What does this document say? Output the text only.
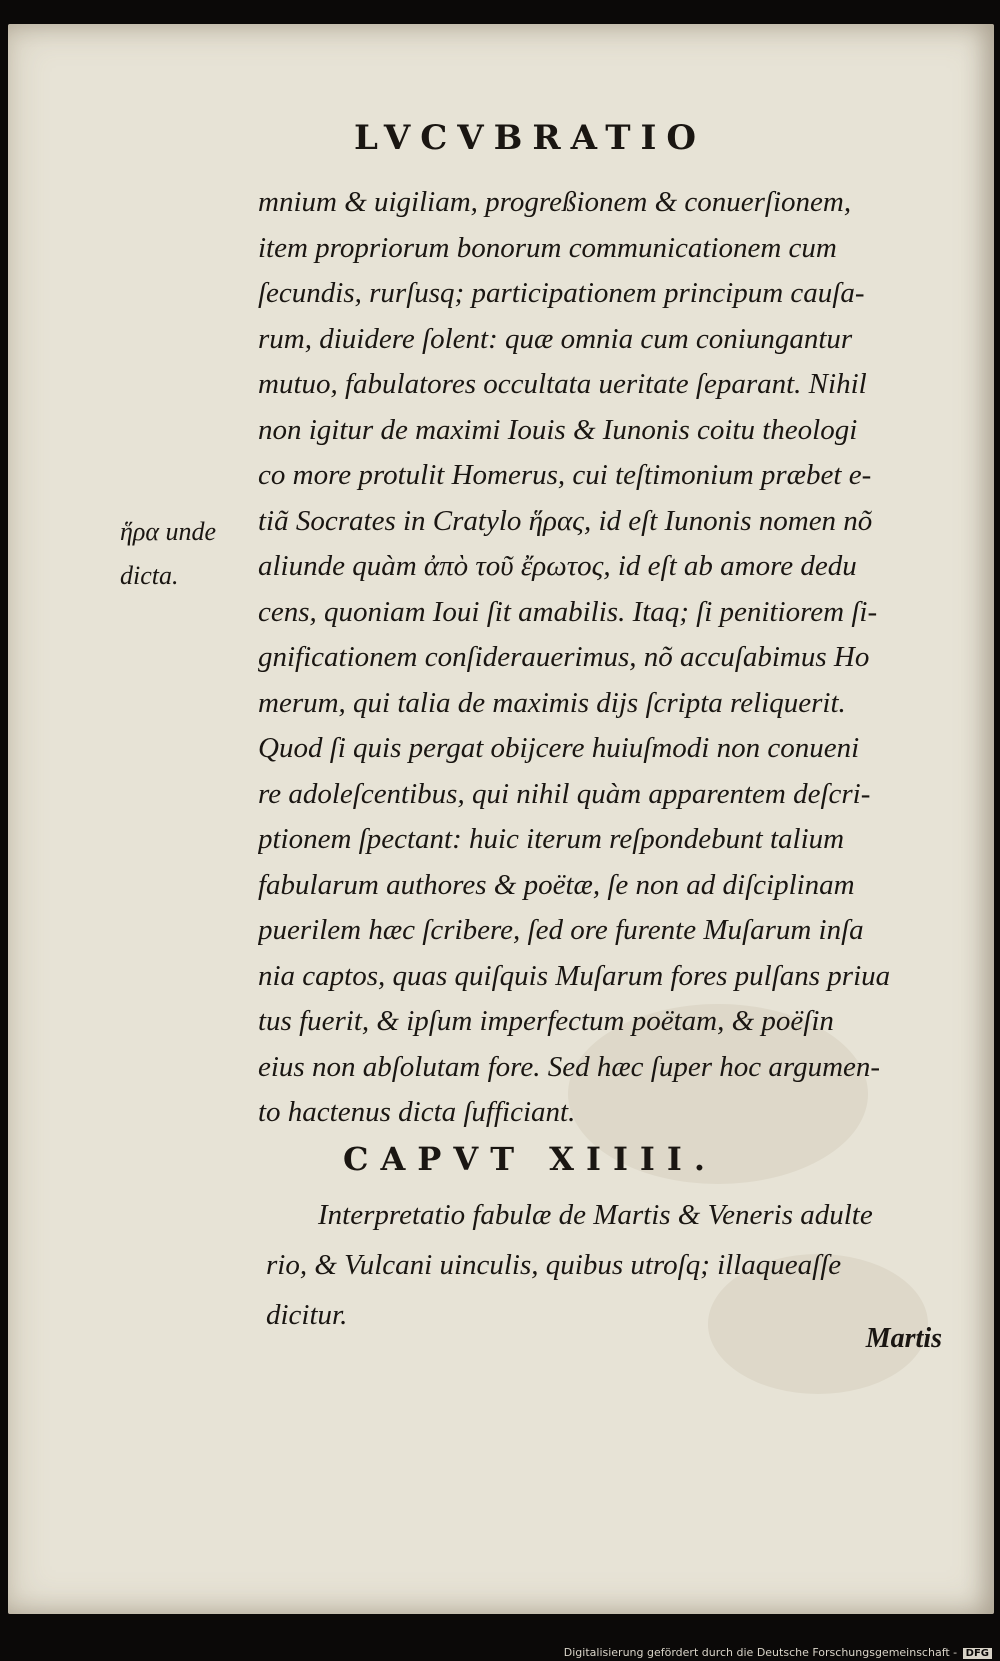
LVCVBRATIO
ἥρα unde
dicta.
mnium & uigiliam, progreßionem & conuerſionem,
item propriorum bonorum communicationem cum
ſecundis, rurſusq; participationem principum cauſa-
rum, diuidere ſolent: quæ omnia cum coniungantur
mutuo, fabulatores occultata ueritate ſeparant. Nihil
non igitur de maximi Iouis & Iunonis coitu theologi
co more protulit Homerus, cui teſtimonium præbet e-
tiã Socrates in Cratylo ἥρας, id eſt Iunonis nomen nõ
aliunde quàm ἀπὸ τοῦ ἔρωτος, id eſt ab amore dedu
cens, quoniam Ioui ſit amabilis. Itaq; ſi penitiorem ſi-
gnificationem conſiderauerimus, nõ accuſabimus Ho
merum, qui talia de maximis dijs ſcripta reliquerit.
Quod ſi quis pergat obijcere huiuſmodi non conueni
re adoleſcentibus, qui nihil quàm apparentem deſcri-
ptionem ſpectant: huic iterum reſpondebunt talium
fabularum authores & poëtæ, ſe non ad diſciplinam
puerilem hæc ſcribere, ſed ore furente Muſarum inſa
nia captos, quas quiſquis Muſarum fores pulſans priua
tus fuerit, & ipſum imperfectum poëtam, & poëſin
eius non abſolutam fore. Sed hæc ſuper hoc argumen-
to hactenus dicta ſufficiant.
CAPVT XIIII.
Interpretatio fabulæ de Martis & Veneris adulte
rio, & Vulcani uinculis, quibus utroſq; illaqueaſſe
dicitur.
Martis
Digitalisierung gefördert durch die Deutsche Forschungsgemeinschaft - DFG
